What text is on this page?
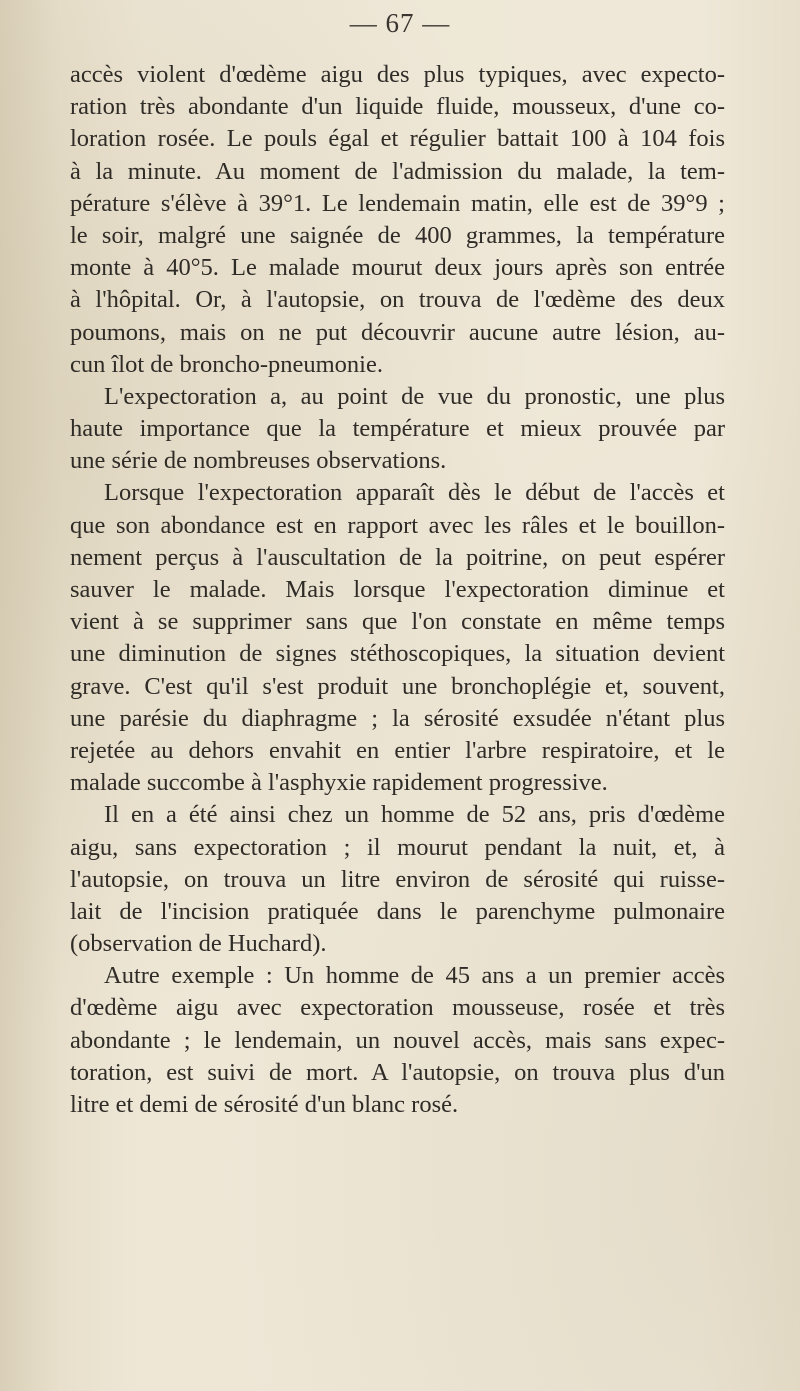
— 67 —
accès violent d'œdème aigu des plus typiques, avec expecto-
ration très abondante d'un liquide fluide, mousseux, d'une co-
loration rosée. Le pouls égal et régulier battait 100 à 104 fois
à la minute. Au moment de l'admission du malade, la tem-
pérature s'élève à 39°1. Le lendemain matin, elle est de 39°9 ;
le soir, malgré une saignée de 400 grammes, la température
monte à 40°5. Le malade mourut deux jours après son entrée
à l'hôpital. Or, à l'autopsie, on trouva de l'œdème des deux
poumons, mais on ne put découvrir aucune autre lésion, au-
cun îlot de broncho-pneumonie.
L'expectoration a, au point de vue du pronostic, une plus
haute importance que la température et mieux prouvée par
une série de nombreuses observations.
Lorsque l'expectoration apparaît dès le début de l'accès et
que son abondance est en rapport avec les râles et le bouillon-
nement perçus à l'auscultation de la poitrine, on peut espérer
sauver le malade. Mais lorsque l'expectoration diminue et
vient à se supprimer sans que l'on constate en même temps
une diminution de signes stéthoscopiques, la situation devient
grave. C'est qu'il s'est produit une bronchoplégie et, souvent,
une parésie du diaphragme ; la sérosité exsudée n'étant plus
rejetée au dehors envahit en entier l'arbre respiratoire, et le
malade succombe à l'asphyxie rapidement progressive.
Il en a été ainsi chez un homme de 52 ans, pris d'œdème
aigu, sans expectoration ; il mourut pendant la nuit, et, à
l'autopsie, on trouva un litre environ de sérosité qui ruisse-
lait de l'incision pratiquée dans le parenchyme pulmonaire
(observation de Huchard).
Autre exemple : Un homme de 45 ans a un premier accès
d'œdème aigu avec expectoration mousseuse, rosée et très
abondante ; le lendemain, un nouvel accès, mais sans expec-
toration, est suivi de mort. A l'autopsie, on trouva plus d'un
litre et demi de sérosité d'un blanc rosé.
